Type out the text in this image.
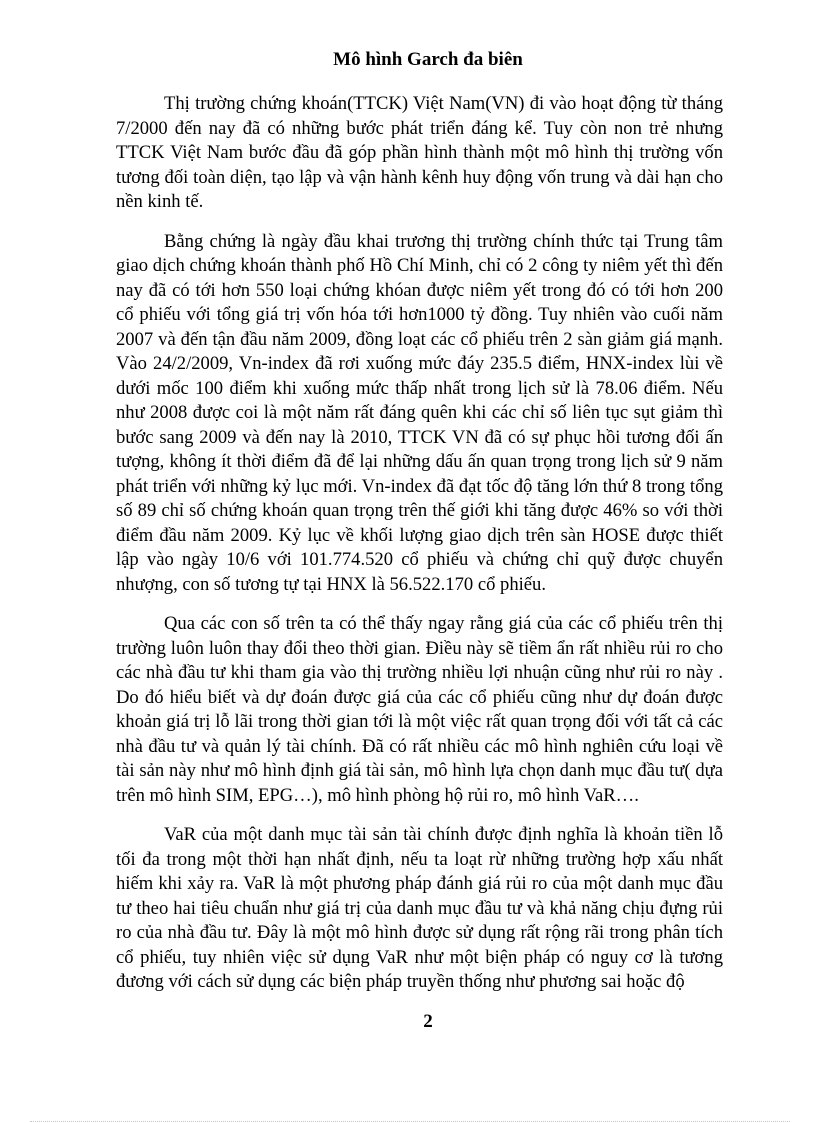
Mô hình Garch đa biên

Thị trường chứng khoán(TTCK) Việt Nam(VN) đi vào hoạt động từ tháng 7/2000 đến nay đã có những bước phát triển đáng kể. Tuy còn non trẻ nhưng TTCK Việt Nam bước đầu đã góp phần hình thành một mô hình thị trường vốn tương đối toàn diện, tạo lập và vận hành kênh huy động vốn trung và dài hạn cho nền kinh tế.

Bằng chứng là ngày đầu khai trương thị trường chính thức tại Trung tâm giao dịch chứng khoán thành phố Hồ Chí Minh, chỉ có 2 công ty niêm yết thì đến nay đã có tới hơn 550 loại chứng khóan được niêm yết trong đó có tới hơn 200 cổ phiếu với tổng giá trị vốn hóa tới hơn1000 tỷ đồng. Tuy nhiên vào cuối năm 2007 và đến tận đầu năm 2009, đồng loạt các cổ phiếu trên 2 sàn giảm giá mạnh. Vào 24/2/2009, Vn-index đã rơi xuống mức đáy 235.5 điểm, HNX-index lùi về dưới mốc 100 điểm khi xuống mức thấp nhất trong lịch sử là 78.06 điểm. Nếu như 2008 được coi là một năm rất đáng quên khi các chỉ số liên tục sụt giảm thì bước sang 2009 và đến nay là 2010, TTCK VN đã có sự phục hồi tương đối ấn tượng, không ít thời điểm đã để lại những dấu ấn quan trọng trong lịch sử 9 năm phát triển với những kỷ lục mới. Vn-index đã đạt tốc độ tăng lớn thứ 8 trong tổng số 89 chỉ số chứng khoán quan trọng trên thế giới khi tăng được 46% so với thời điểm đầu năm 2009. Kỷ lục về khối lượng giao dịch trên sàn HOSE được thiết lập vào ngày 10/6 với 101.774.520 cổ phiếu và chứng chỉ quỹ được chuyển nhượng, con số tương tự tại HNX là 56.522.170 cổ phiếu.

Qua các con số trên ta có thể thấy ngay rằng giá của các cổ phiếu trên thị trường luôn luôn thay đổi theo thời gian. Điều này sẽ tiềm ẩn rất nhiều rủi ro cho các nhà đầu tư khi tham gia vào thị trường nhiều lợi nhuận cũng như rủi ro này . Do đó hiểu biết và dự đoán được giá của các cổ phiếu cũng như dự đoán được khoản giá trị lỗ lãi trong thời gian tới là một việc rất quan trọng đối với tất cả các nhà đầu tư và quản lý tài chính. Đã có rất nhiều các mô hình nghiên cứu loại về tài sản này như mô hình định giá tài sản, mô hình lựa chọn danh mục đầu tư( dựa trên mô hình SIM, EPG…), mô hình phòng hộ rủi ro, mô hình VaR….

VaR của một danh mục tài sản tài chính được định nghĩa là khoản tiền lỗ tối đa trong một thời hạn nhất định, nếu ta loạt rừ những trường hợp xấu nhất hiếm khi xảy ra. VaR là một phương pháp đánh giá rủi ro của một danh mục đầu tư theo hai tiêu chuẩn như giá trị của danh mục đầu tư và khả năng chịu đựng rủi ro của nhà đầu tư. Đây là một mô hình được sử dụng rất rộng rãi trong phân tích cổ phiếu, tuy nhiên việc sử dụng VaR như một biện pháp có nguy cơ là tương đương với cách sử dụng các biện pháp truyền thống như phương sai hoặc độ

2
